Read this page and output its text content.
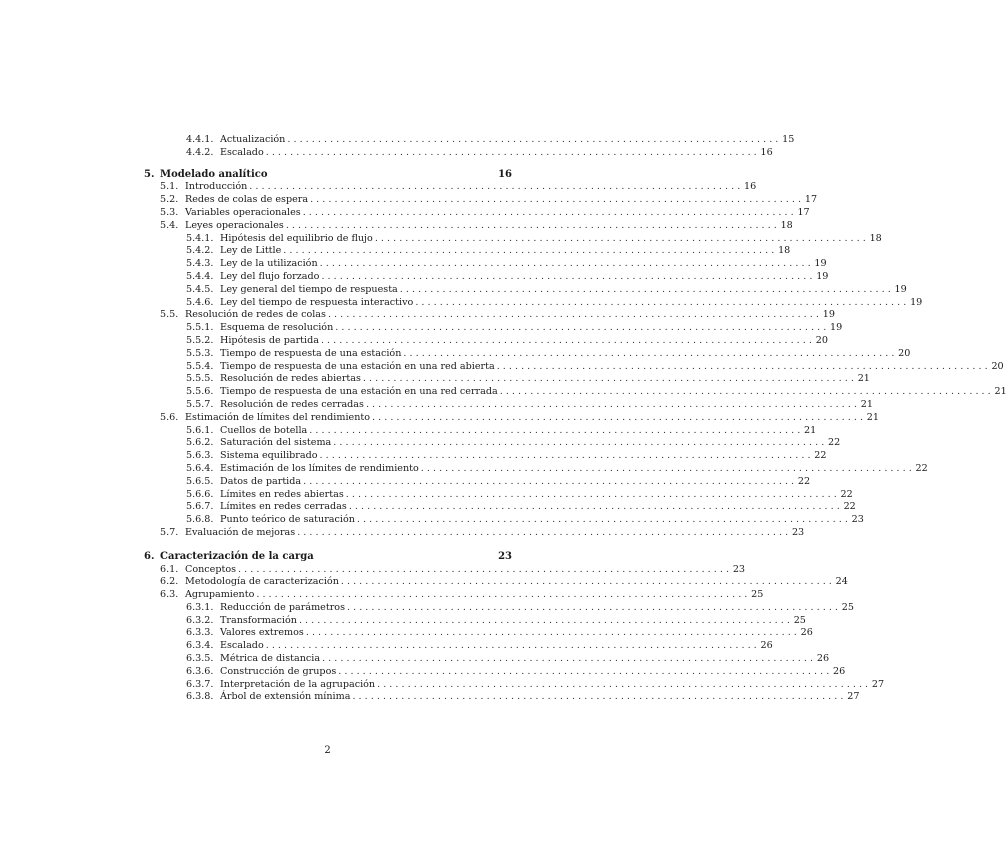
4.4.1. Actualización . . .	15
4.4.2. Escalado . . .	16
5. Modelado analítico	16
5.1. Introducción . . .	16
5.2. Redes de colas de espera . . .	17
5.3. Variables operacionales . . .	17
5.4. Leyes operacionales . . .	18
5.4.1. Hipótesis del equilibrio de flujo . . .	18
5.4.2. Ley de Little . . .	18
5.4.3. Ley de la utilización . . .	19
5.4.4. Ley del flujo forzado . . .	19
5.4.5. Ley general del tiempo de respuesta . . .	19
5.4.6. Ley del tiempo de respuesta interactivo . . .	19
5.5. Resolución de redes de colas . . .	19
5.5.1. Esquema de resolución . . .	19
5.5.2. Hipótesis de partida . . .	20
5.5.3. Tiempo de respuesta de una estación . . .	20
5.5.4. Tiempo de respuesta de una estación en una red abierta . . .	20
5.5.5. Resolución de redes abiertas . . .	21
5.5.6. Tiempo de respuesta de una estación en una red cerrada . . .	21
5.5.7. Resolución de redes cerradas . . .	21
5.6. Estimación de límites del rendimiento . . .	21
5.6.1. Cuellos de botella . . .	21
5.6.2. Saturación del sistema . . .	22
5.6.3. Sistema equilibrado . . .	22
5.6.4. Estimación de los límites de rendimiento . . .	22
5.6.5. Datos de partida . . .	22
5.6.6. Límites en redes abiertas . . .	22
5.6.7. Límites en redes cerradas . . .	22
5.6.8. Punto teórico de saturación . . .	23
5.7. Evaluación de mejoras . . .	23
6. Caracterización de la carga	23
6.1. Conceptos . . .	23
6.2. Metodología de caracterización . . .	24
6.3. Agrupamiento . . .	25
6.3.1. Reducción de parámetros . . .	25
6.3.2. Transformación . . .	25
6.3.3. Valores extremos . . .	26
6.3.4. Escalado . . .	26
6.3.5. Métrica de distancia . . .	26
6.3.6. Construcción de grupos . . .	26
6.3.7. Interpretación de la agrupación . . .	27
6.3.8. Árbol de extensión mínima . . .	27
2
